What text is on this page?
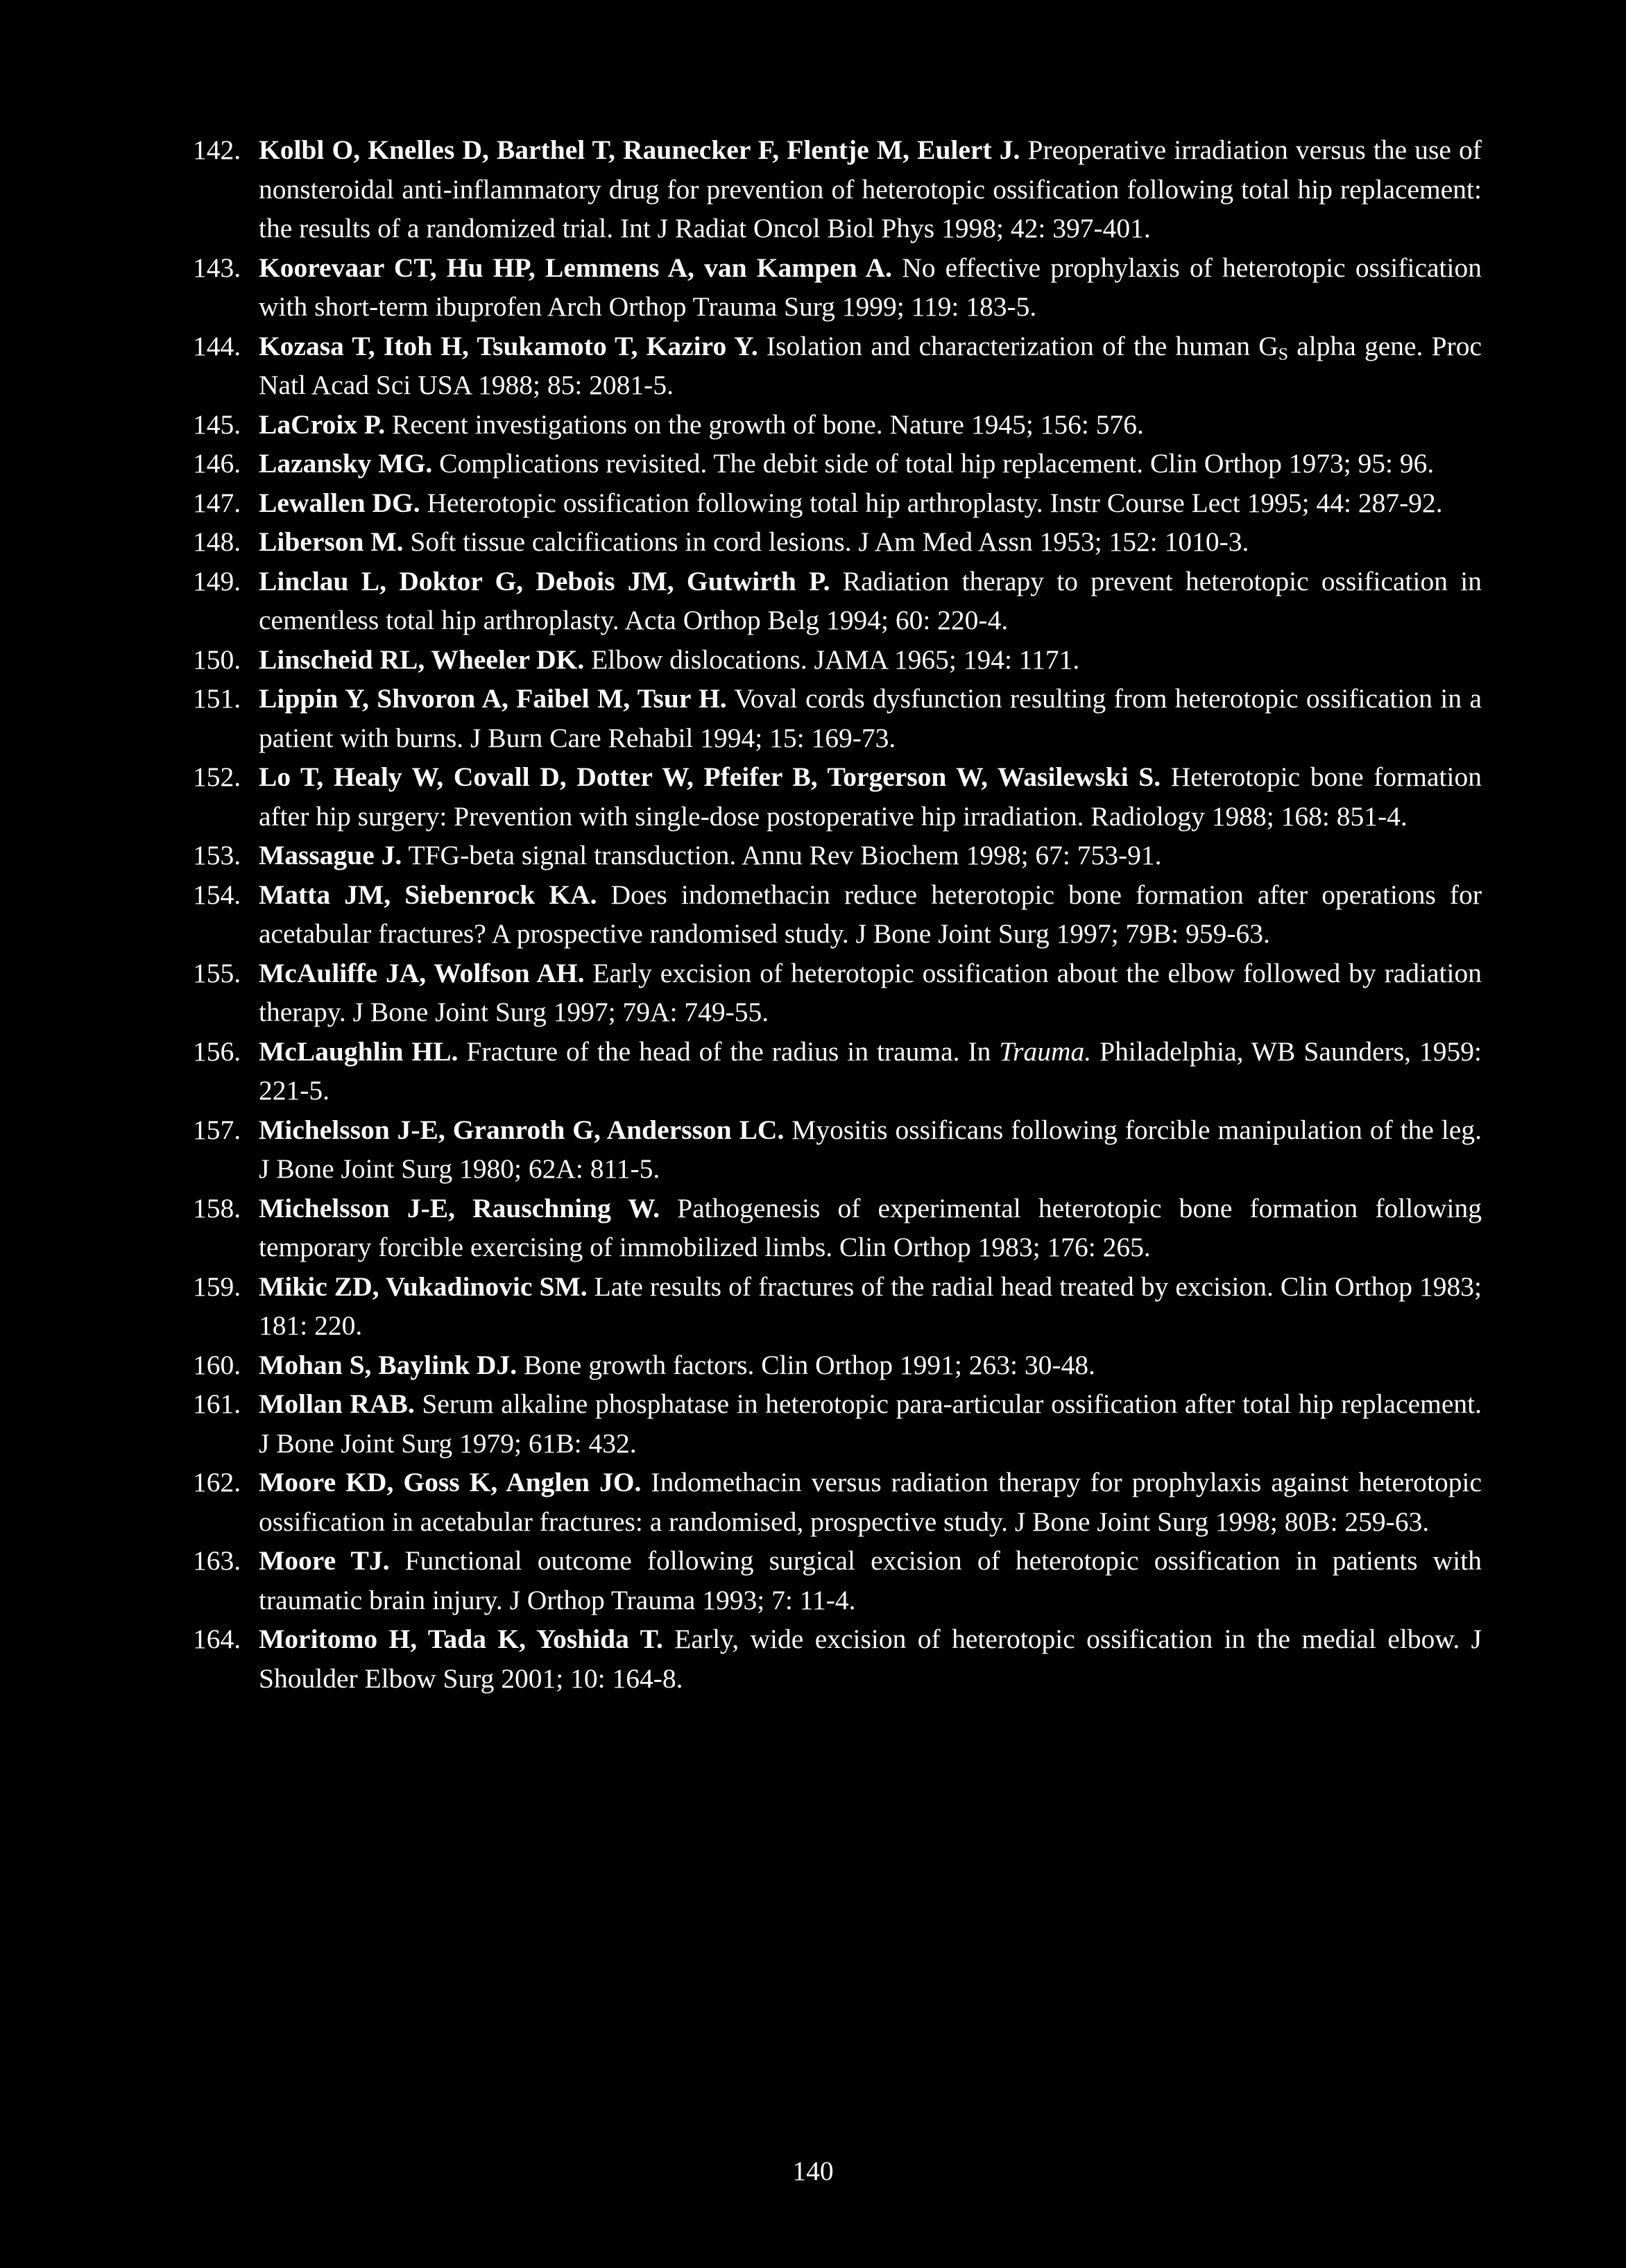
142. Kolbl O, Knelles D, Barthel T, Raunecker F, Flentje M, Eulert J. Preoperative irradiation versus the use of nonsteroidal anti-inflammatory drug for prevention of heterotopic ossification following total hip replacement: the results of a randomized trial. Int J Radiat Oncol Biol Phys 1998; 42: 397-401.
143. Koorevaar CT, Hu HP, Lemmens A, van Kampen A. No effective prophylaxis of heterotopic ossification with short-term ibuprofen Arch Orthop Trauma Surg 1999; 119: 183-5.
144. Kozasa T, Itoh H, Tsukamoto T, Kaziro Y. Isolation and characterization of the human $G_S$ alpha gene. Proc Natl Acad Sci USA 1988; 85: 2081-5.
145. LaCroix P. Recent investigations on the growth of bone. Nature 1945; 156: 576.
146. Lazansky MG. Complications revisited. The debit side of total hip replacement. Clin Orthop 1973; 95: 96.
147. Lewallen DG. Heterotopic ossification following total hip arthroplasty. Instr Course Lect 1995; 44: 287-92.
148. Liberson M. Soft tissue calcifications in cord lesions. J Am Med Assn 1953; 152: 1010-3.
149. Linclau L, Doktor G, Debois JM, Gutwirth P. Radiation therapy to prevent heterotopic ossification in cementless total hip arthroplasty. Acta Orthop Belg 1994; 60: 220-4.
150. Linscheid RL, Wheeler DK. Elbow dislocations. JAMA 1965; 194: 1171.
151. Lippin Y, Shvoron A, Faibel M, Tsur H. Voval cords dysfunction resulting from heterotopic ossification in a patient with burns. J Burn Care Rehabil 1994; 15: 169-73.
152. Lo T, Healy W, Covall D, Dotter W, Pfeifer B, Torgerson W, Wasilewski S. Heterotopic bone formation after hip surgery: Prevention with single-dose postoperative hip irradiation. Radiology 1988; 168: 851-4.
153. Massague J. TFG-beta signal transduction. Annu Rev Biochem 1998; 67: 753-91.
154. Matta JM, Siebenrock KA. Does indomethacin reduce heterotopic bone formation after operations for acetabular fractures? A prospective randomised study. J Bone Joint Surg 1997; 79B: 959-63.
155. McAuliffe JA, Wolfson AH. Early excision of heterotopic ossification about the elbow followed by radiation therapy. J Bone Joint Surg 1997; 79A: 749-55.
156. McLaughlin HL. Fracture of the head of the radius in trauma. In Trauma. Philadelphia, WB Saunders, 1959: 221-5.
157. Michelsson J-E, Granroth G, Andersson LC. Myositis ossificans following forcible manipulation of the leg. J Bone Joint Surg 1980; 62A: 811-5.
158. Michelsson J-E, Rauschning W. Pathogenesis of experimental heterotopic bone formation following temporary forcible exercising of immobilized limbs. Clin Orthop 1983; 176: 265.
159. Mikic ZD, Vukadinovic SM. Late results of fractures of the radial head treated by excision. Clin Orthop 1983; 181: 220.
160. Mohan S, Baylink DJ. Bone growth factors. Clin Orthop 1991; 263: 30-48.
161. Mollan RAB. Serum alkaline phosphatase in heterotopic para-articular ossification after total hip replacement. J Bone Joint Surg 1979; 61B: 432.
162. Moore KD, Goss K, Anglen JO. Indomethacin versus radiation therapy for prophylaxis against heterotopic ossification in acetabular fractures: a randomised, prospective study. J Bone Joint Surg 1998; 80B: 259-63.
163. Moore TJ. Functional outcome following surgical excision of heterotopic ossification in patients with traumatic brain injury. J Orthop Trauma 1993; 7: 11-4.
164. Moritomo H, Tada K, Yoshida T. Early, wide excision of heterotopic ossification in the medial elbow. J Shoulder Elbow Surg 2001; 10: 164-8.
140
